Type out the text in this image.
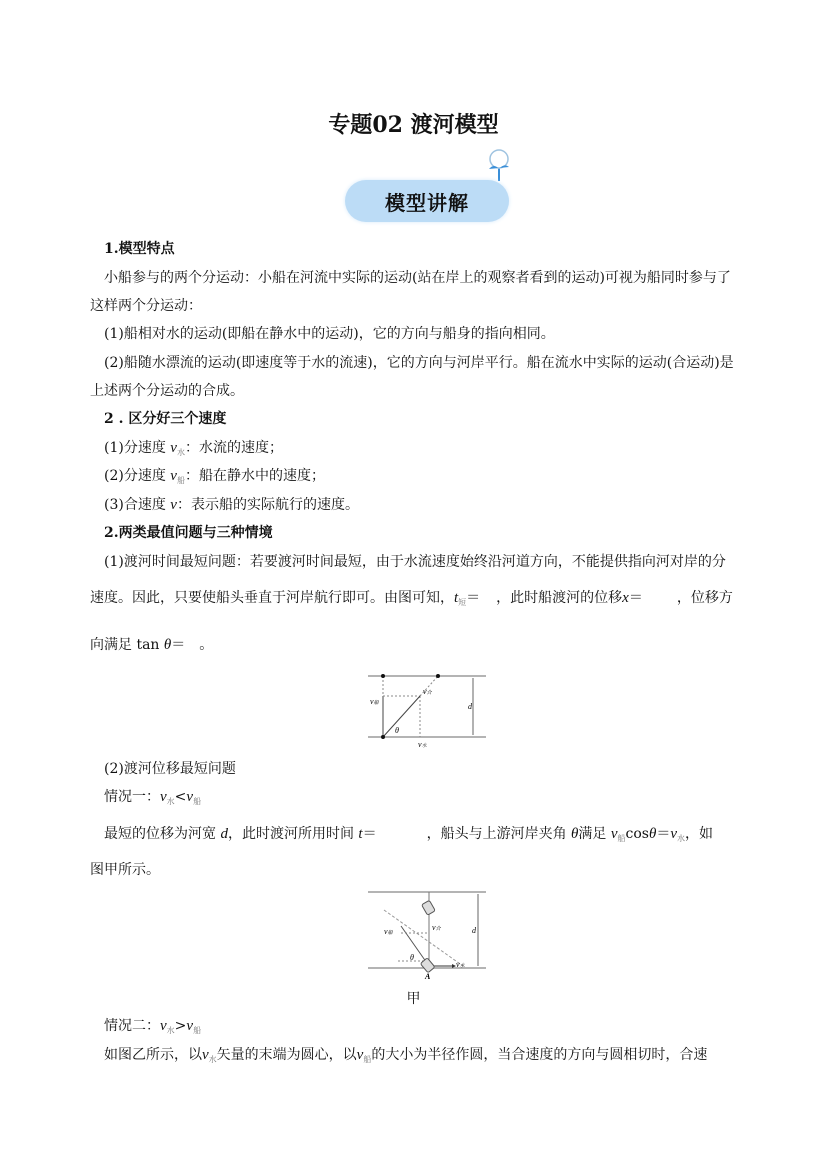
专题02 渡河模型
模型讲解
1.模型特点
小船参与的两个分运动：小船在河流中实际的运动(站在岸上的观察者看到的运动)可视为船同时参与了
这样两个分运动：
(1)船相对水的运动(即船在静水中的运动)，它的方向与船身的指向相同。
(2)船随水漂流的运动(即速度等于水的流速)，它的方向与河岸平行。船在流水中实际的运动(合运动)是
上述两个分运动的合成。
2 . 区分好三个速度
(1)分速度 $v_水$：水流的速度；
(2)分速度 $v_船$：船在静水中的速度；
(3)合速度 v：表示船的实际航行的速度。
2.两类最值问题与三种情境
(1)渡河时间最短问题：若要渡河时间最短，由于水流速度始终沿河道方向，不能提供指向河对岸的分
速度。因此，只要使船头垂直于河岸航行即可。由图可知，$t_短=$ ，此时船渡河的位移x＝ ，位移方
向满足 tan θ＝ 。
v船
v合
v水
θ
d
(2)渡河位移最短问题
情况一：$v_水<v_船$
最短的位移为河宽 d，此时渡河所用时间 t＝	，船头与上游河岸夹角 θ满足 $v_船\cos\theta=v_水$，如
图甲所示。
v船
v合
v水
θ
d
A
甲
情况二：$v_水>v_船$
如图乙所示，以$v_水$矢量的末端为圆心，以$v_船$的大小为半径作圆，当合速度的方向与圆相切时，合速
